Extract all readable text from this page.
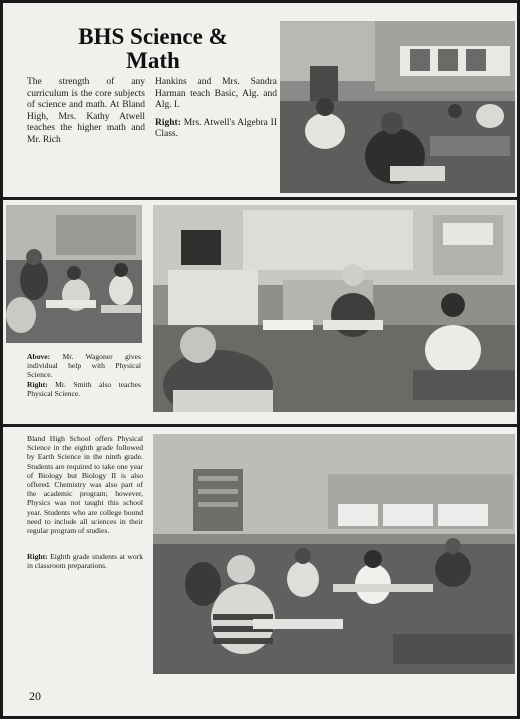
BHS Science &
Math
The strength of any curriculum is the core subjects of science and math. At Bland High, Mrs. Kathy Atwell teaches the higher math and Mr. Rich
Hankins and Mrs. Sandra Harman teach Basic, Alg. and Alg. I.
Right: Mrs. Atwell's Algebra II Class.
Above: Mr. Wagoner gives individual help with Physical Science.
Right: Mr. Smith also teaches Physical Science.
Bland High School offers Physical Science in the eighth grade followed by Earth Science in the ninth grade. Students are required to take one year of Biology but Biology II is also offered. Chemistry was also part of the academic program; however, Physics was not taught this school year. Students who are college bound need to include all sciences in their regular program of studies.
Right: Eighth grade students at work in classroom preparations.
20
